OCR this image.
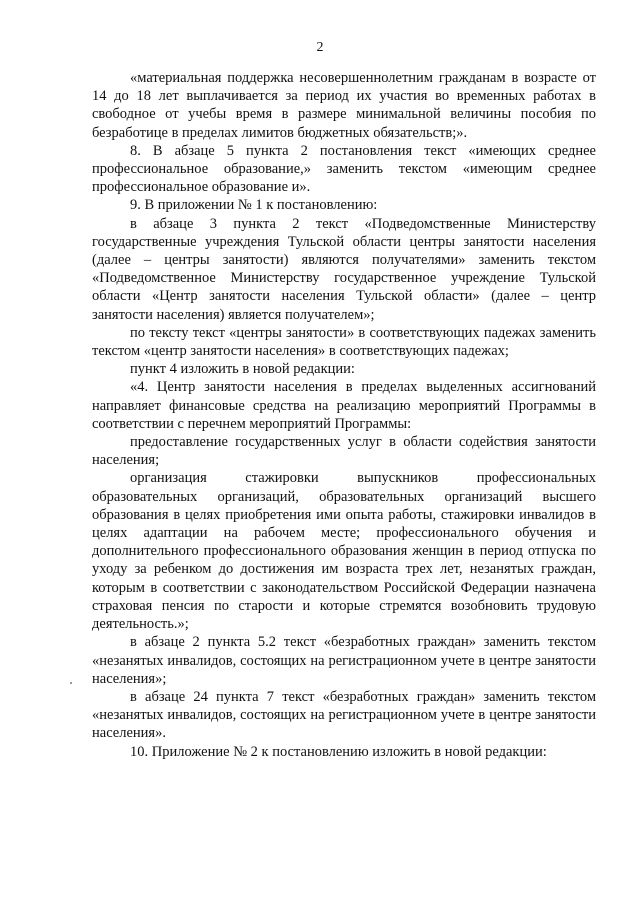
2

«материальная поддержка несовершеннолетним гражданам в возрасте от 14 до 18 лет выплачивается за период их участия во временных работах в свободное от учебы время в размере минимальной величины пособия по безработице в пределах лимитов бюджетных обязательств;».

8. В абзаце 5 пункта 2 постановления текст «имеющих среднее профессиональное образование,» заменить текстом «имеющим среднее профессиональное образование и».

9. В приложении № 1 к постановлению:

в абзаце 3 пункта 2 текст «Подведомственные Министерству государственные учреждения Тульской области центры занятости населения (далее – центры занятости) являются получателями» заменить текстом «Подведомственное Министерству государственное учреждение Тульской области «Центр занятости населения Тульской области» (далее – центр занятости населения) является получателем»;

по тексту текст «центры занятости» в соответствующих падежах заменить текстом «центр занятости населения» в соответствующих падежах;

пункт 4 изложить в новой редакции:

«4. Центр занятости населения в пределах выделенных ассигнований направляет финансовые средства на реализацию мероприятий Программы в соответствии с перечнем мероприятий Программы:

предоставление государственных услуг в области содействия занятости населения;

организация стажировки выпускников профессиональных образовательных организаций, образовательных организаций высшего образования в целях приобретения ими опыта работы, стажировки инвалидов в целях адаптации на рабочем месте; профессионального обучения и дополнительного профессионального образования женщин в период отпуска по уходу за ребенком до достижения им возраста трех лет, незанятых граждан, которым в соответствии с законодательством Российской Федерации назначена страховая пенсия по старости и которые стремятся возобновить трудовую деятельность.»;

в абзаце 2 пункта 5.2 текст «безработных граждан» заменить текстом «незанятых инвалидов, состоящих на регистрационном учете в центре занятости населения»;

в абзаце 24 пункта 7 текст «безработных граждан» заменить текстом «незанятых инвалидов, состоящих на регистрационном учете в центре занятости населения».

10. Приложение № 2 к постановлению изложить в новой редакции:
